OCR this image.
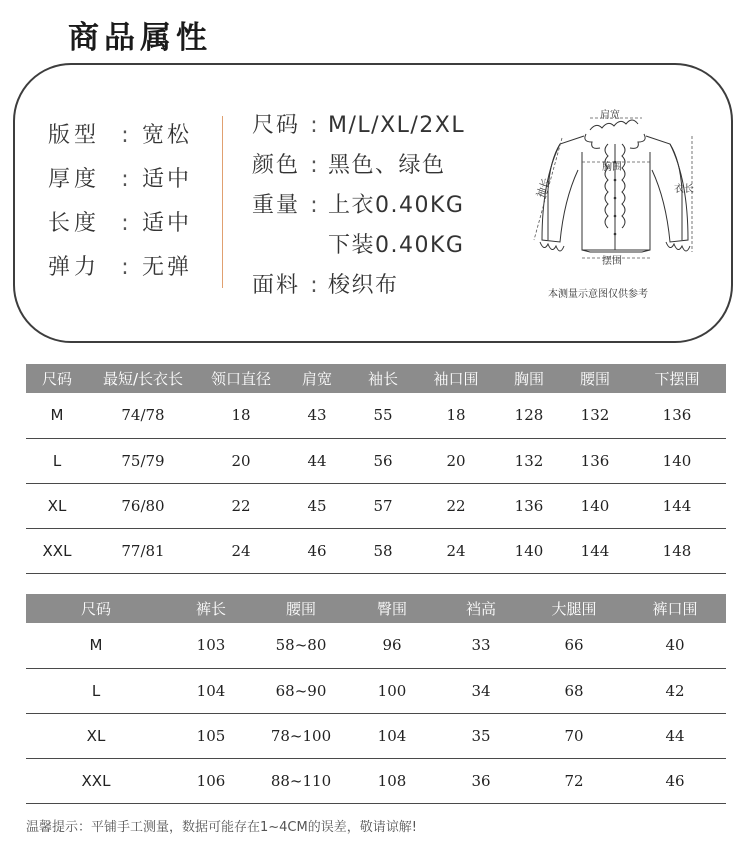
商品属性
版型 : 宽松
厚度 : 适中
长度 : 适中
弹力 : 无弹
尺码 : M/L/XL/2XL
颜色 : 黑色、绿色
重量 : 上衣0.40KG
下装0.40KG
面料 : 梭织布
肩宽
胸围
袖长	衣长
摆围
本测量示意图仅供参考
尺码	最短/长衣长	领口直径	肩宽	袖长	袖口围	胸围	腰围	下摆围
M	74/78	18	43	55	18	128	132	136
L	75/79	20	44	56	20	132	136	140
XL	76/80	22	45	57	22	136	140	144
XXL	77/81	24	46	58	24	140	144	148
尺码	裤长	腰围	臀围	裆高	大腿围	裤口围
M	103	58~80	96	33	66	40
L	104	68~90	100	34	68	42
XL	105	78~100	104	35	70	44
XXL	106	88~110	108	36	72	46
温馨提示：平铺手工测量，数据可能存在1~4CM的误差，敬请谅解!
